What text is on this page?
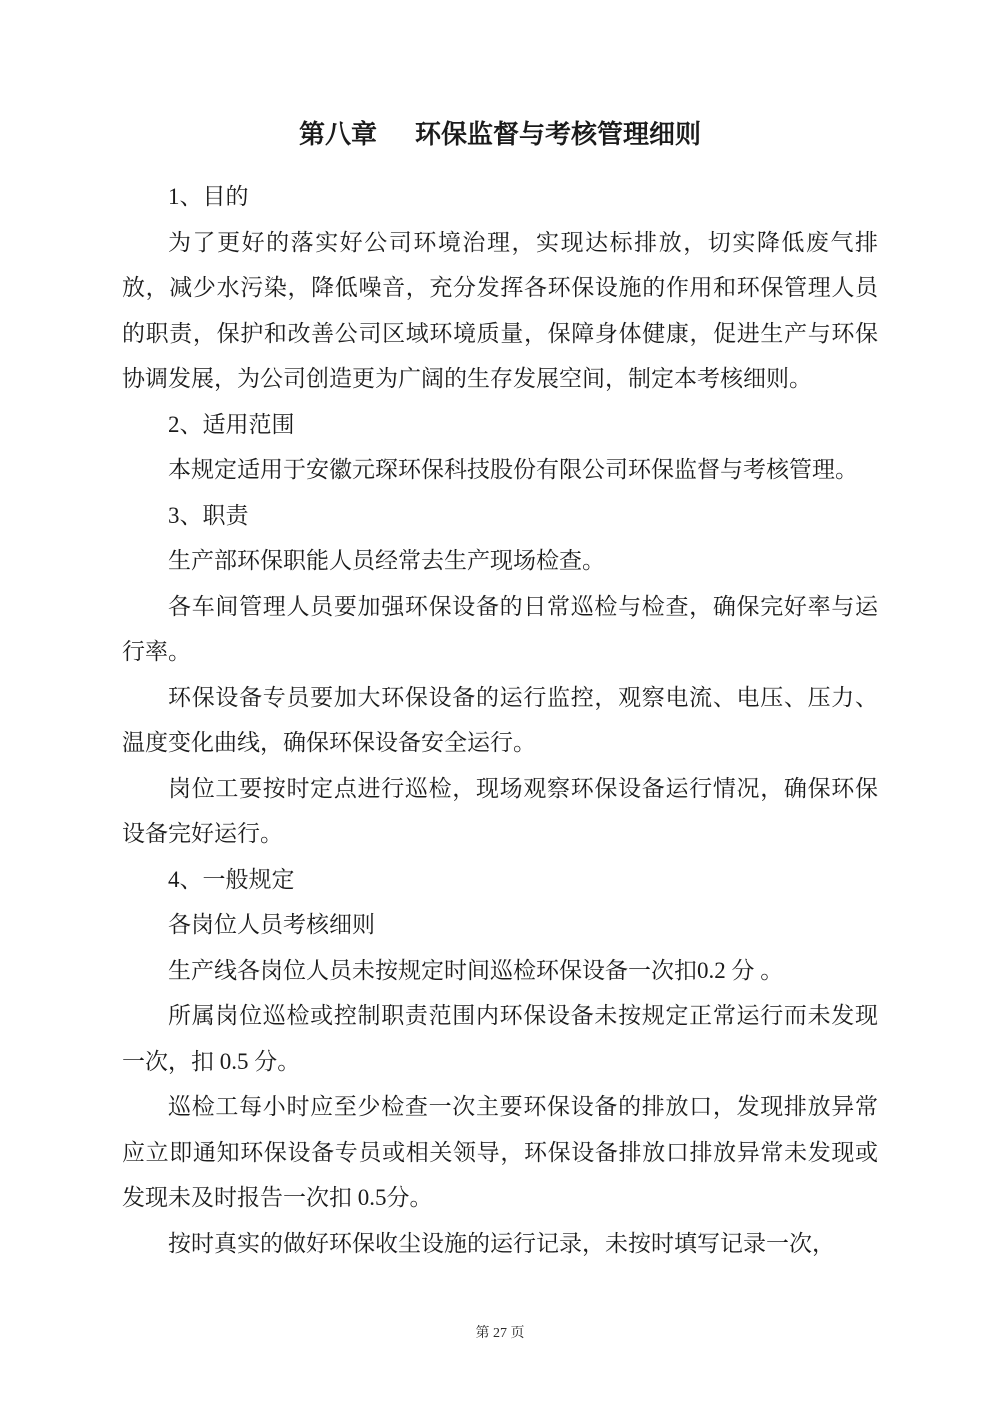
第八章 环保监督与考核管理细则

1、目的

为了更好的落实好公司环境治理，实现达标排放，切实降低废气排放，减少水污染，降低噪音，充分发挥各环保设施的作用和环保管理人员的职责，保护和改善公司区域环境质量，保障身体健康，促进生产与环保协调发展，为公司创造更为广阔的生存发展空间，制定本考核细则。

2、适用范围

本规定适用于安徽元琛环保科技股份有限公司环保监督与考核管理。

3、职责

生产部环保职能人员经常去生产现场检查。

各车间管理人员要加强环保设备的日常巡检与检查，确保完好率与运行率。

环保设备专员要加大环保设备的运行监控，观察电流、电压、压力、温度变化曲线，确保环保设备安全运行。

岗位工要按时定点进行巡检，现场观察环保设备运行情况，确保环保设备完好运行。

4、一般规定

各岗位人员考核细则

生产线各岗位人员未按规定时间巡检环保设备一次扣0.2 分 。

所属岗位巡检或控制职责范围内环保设备未按规定正常运行而未发现一次，扣 0.5 分。

巡检工每小时应至少检查一次主要环保设备的排放口，发现排放异常应立即通知环保设备专员或相关领导，环保设备排放口排放异常未发现或发现未及时报告一次扣 0.5分。

按时真实的做好环保收尘设施的运行记录，未按时填写记录一次，

第 27 页
